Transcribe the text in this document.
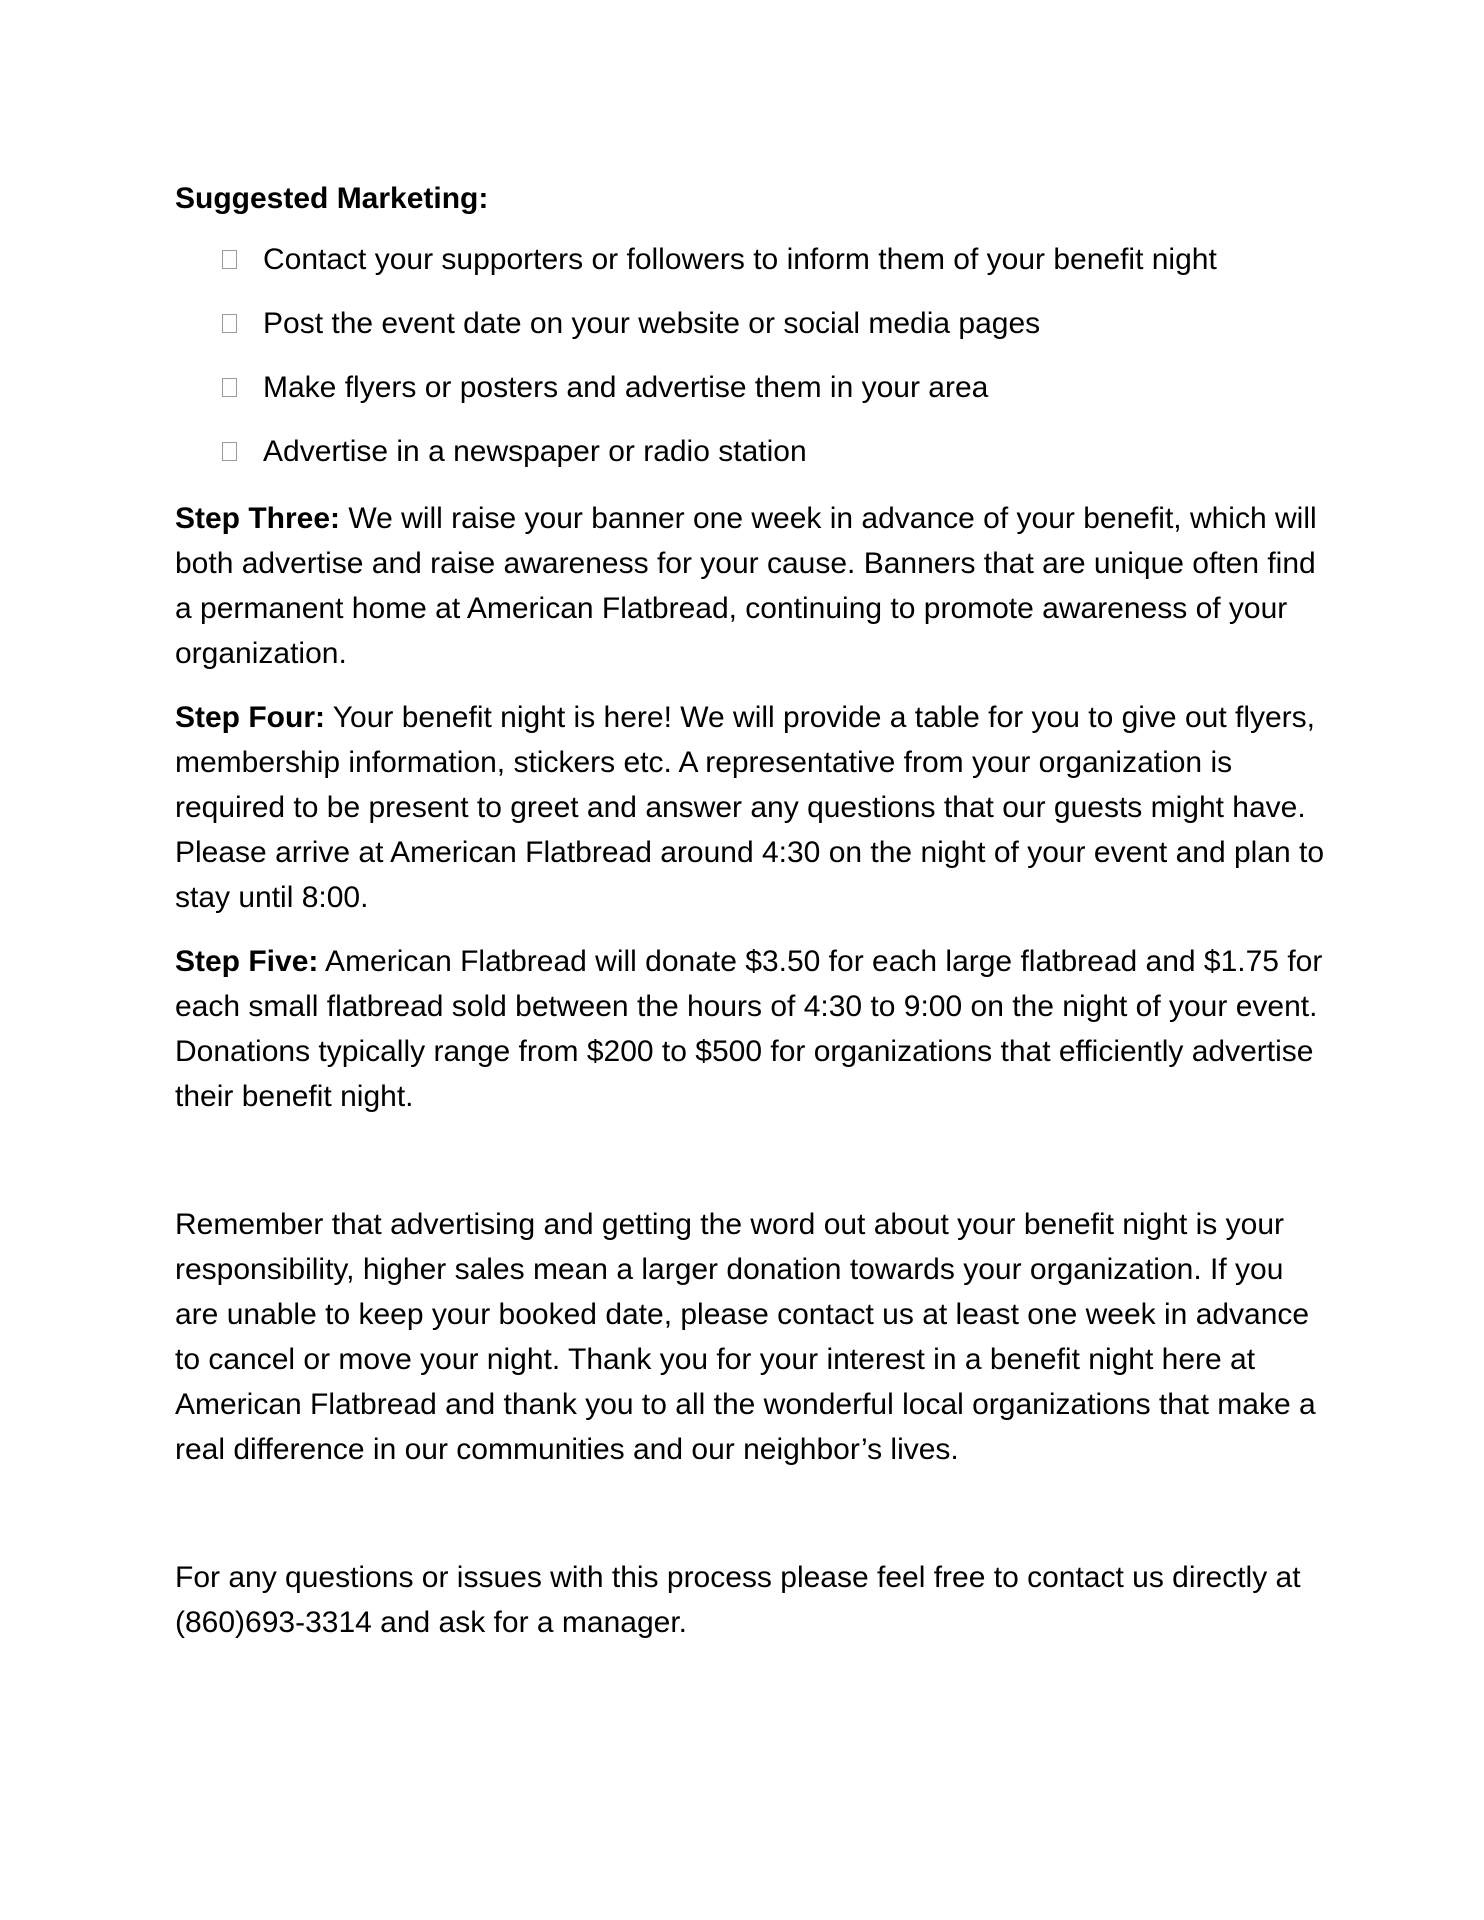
Suggested Marketing:
Contact your supporters or followers to inform them of your benefit night
Post the event date on your website or social media pages
Make flyers or posters and advertise them in your area
Advertise in a newspaper or radio station

Step Three: We will raise your banner one week in advance of your benefit, which will both advertise and raise awareness for your cause. Banners that are unique often find a permanent home at American Flatbread, continuing to promote awareness of your organization.

Step Four: Your benefit night is here! We will provide a table for you to give out flyers, membership information, stickers etc. A representative from your organization is required to be present to greet and answer any questions that our guests might have. Please arrive at American Flatbread around 4:30 on the night of your event and plan to stay until 8:00.

Step Five: American Flatbread will donate $3.50 for each large flatbread and $1.75 for each small flatbread sold between the hours of 4:30 to 9:00 on the night of your event. Donations typically range from $200 to $500 for organizations that efficiently advertise their benefit night.

Remember that advertising and getting the word out about your benefit night is your responsibility, higher sales mean a larger donation towards your organization. If you are unable to keep your booked date, please contact us at least one week in advance to cancel or move your night. Thank you for your interest in a benefit night here at American Flatbread and thank you to all the wonderful local organizations that make a real difference in our communities and our neighbor’s lives.

For any questions or issues with this process please feel free to contact us directly at (860)693-3314 and ask for a manager.
